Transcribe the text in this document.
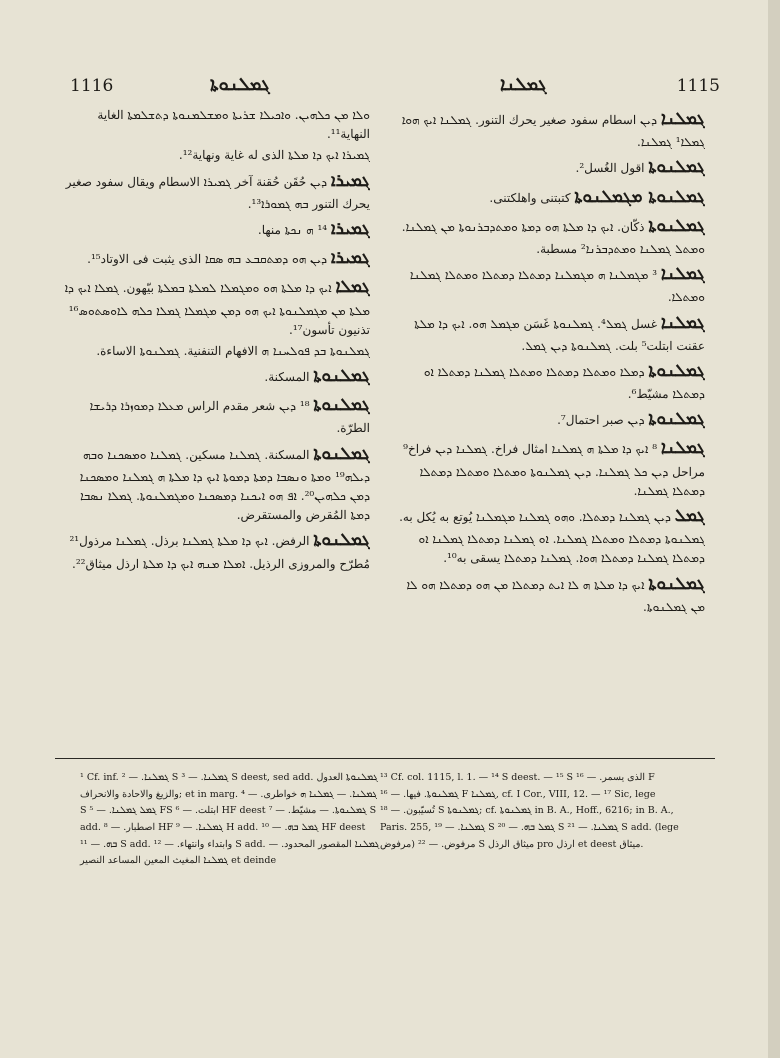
1116	ܓܡܠܢܘܬܐ	ܓܡܠܢܐ	1115

ܘܠܐ ܡܢ ܟܠܗܝܢ. ܘܐܟܝܠܐ ܫܪܝܬܐ ܘܡܫܠܡܢܘܬܐ ܕܬܫܠܡܬܐ الغاية النهاية¹¹.

ܓܡܝܪܐ ܐܝܟ ܕܐ ܡܠܬܐ الذى له غاية ونهاية¹².

ܓܡܝܪܐ ܕܝܢ حُقَن حُقنة آخر ܓܡܝܪܐ الاسطام ويقال سفود صغير يحرك التنور ܒܗ ܓܡܘܪܐ¹³.

ܓܡܝܪܐ ¹⁴ ܗ ܢܟܬܐ منها.

ܓܡܝܪܐ ܕܝܢ ܗܘ ܕܡܬܩܒܥ ܒܗ ܣܩܐ الذى يثبت فى الاوتاد¹⁵.

ܓܡܠܐ ܐܝܟ ܕܐ ܡܠܬܐ ܗܘ ܘܡܓܡܠܐ ܠܡܠܬܐ ܒܡܠܬܐ بيّهون. ܓܡܠܐ ܐܝܟ ܕܐ ܡܠܬܐ ܡܢ ܡܓܡܠܢܘܬܐ ܐܝܟ ܗܘ ܕܡܢ ܡܓܡܠܐ ܓܡܠܐ ܟܠܗ ܠܐܘܣܬܘܣ¹⁶ تذنيون تأسون¹⁷.

ܓܡܠܢܘܬܐ ܒܕ ܦܘܠܚܢܐ ܗ الافهام التنفنية. ܓܡܠܢܘܬܐ الاساءة.

ܓܡܠܢܘܬܐ المسكنة.

ܓܡܠܢܘܬܐ ¹⁸ ܕܝܢ شعر مقدم الراس ܡܥܠܐ ܕܡܘܙܪܐ ܕܪܝܫܐ الطرّة.

ܓܡܠܢܘܬܐ المسكنة. ܓܡܠܢܐ مسكين. ܓܡܠܢܐ ܘܡܣܟܢܐ ܘܒܗ ܕܝܠܗ¹⁹ ܘܡܬܐ ܘܢܣܒܐ ܕܡܬܐ ܕܡܘܬܐ ܐܝܟ ܕܐ ܡܠܬܐ ܗ ܓܡܠܢܐ ܘܡܣܟܢܐ ܕܡܢ ܟܠܗܝܢ²⁰. ܐܦ ܗܘ ܐܝܟܢܐ ܕܡܣܟܢܐ ܘܡܓܡܠܢܘܬܐ. ܓܡܠܐ ܢܣܒܐ ܕܡܬܐ المُقرض والمستقرض.

ܓܡܠܢܘܬܐ الرفض. ܐܝܟ ܕܐ ܡܠܬܐ ܓܡܠܢܐ برذل. ܓܡܠܢܐ مرذول²¹ مُطرّح والمروزى الرذيل. ܐܡܠܐ ܡܢܗ ܐܝܟ ܕܐ ܡܠܬܐ ارذل ميثاق²².

ܓܡܠܢܐ ܕܝܢ اسطام سفود صغير يحرك التنور. ܓܡܠܢܐ ܐܝܟ ܗܘܐ ܓܡܠܐ¹ ܓܡܠܢܐ.

ܓܡܠܢܘܬܐ اقول الغُسل².

ܓܡܠܢܘܬܐ ܡܓܡܠܢܘܬܐ كتبتنى واهلكتنى.

ܓܡܠܢܘܬܐ ذكّان. ܐܝܟ ܕܐ ܡܠܬܐ ܗܘ ܕܡܬܐ ܘܡܬܕܒܪܢܘܬܐ ܡܢ ܓܡܠܢܐ. ܘܡܬܠ ܓܡܠܢܐ ܘܡܬܕܒܪܢܐ² مسطبة.

ܓܡܠܢܐ ³ ܡܓܡܠܢܐ ܗ ܡܓܡܠܢܐ ܕܡܬܠܐ ܕܡܬܠܐ ܘܡܬܠܐ ܓܡܠܢܐ ܘܡܬܠܐ.

ܓܡܠܢܐ غسل ܓܡܠ⁴. ܓܡܠܢܘܬܐ غَسَن ܡܓܡܠ ܗܘ. ܐܝܟ ܕܐ ܡܠܬܐ عقنت ابتلت⁵ بلت. ܓܡܠܢܘܬܐ ܕܝܢ ܓܡܠ.

ܓܡܠܢܘܬܐ ܕܡܠܐ ܘܡܬܠܐ ܕܡܬܠܐ ܘܡܬܠܐ ܓܡܠܢܐ ܕܡܬܠܐ ܐܘ ܕܡܬܠܐ مشيّط⁶.

ܓܡܠܢܘܬܐ ܕܝܢ صبر احتمال⁷.

ܓܡܠܢܐ ⁸ ܐܝܟ ܕܐ ܡܠܬܐ ܗ ܓܡܠܢܐ امثال فراخ. ܓܡܠܢܐ ܕܝܢ فراخ⁹ مراحل ܕܝܢ ܟܠ ܓܡܠܢܐ. ܕܝܢ ܓܡܠܢܘܬܐ ܘܡܬܠܐ ܘܡܬܠܐ ܕܡܬܠܐ ܕܡܬܠܐ ܓܡܠܢܐ.

ܓܡܠ ܕܝܢ ܓܡܠܢܐ ܕܡܬܠܐ. ܘܗܘ ܓܡܠܢܐ ܡܓܡܠܢܐ يُوتع به يُكل به. ܓܡܠܢܘܬܐ ܕܡܬܠܐ ܘܡܬܠܐ ܓܡܠܢܐ. ܐܘ ܓܡܠܢܐ ܕܡܬܠܐ ܓܡܠܢܐ ܐܘ ܕܡܬܠܐ ܓܡܠܢܐ ܕܡܬܠܐ ܗܘܐ. ܓܡܠܢܐ ܕܡܬܠܐ يسقى به¹⁰.

ܓܡܠܢܘܬܐ ܐܝܟ ܕܐ ܡܠܬܐ ܗ ܠܐ ܐܝܬ ܕܡܬܠܐ ܡܢ ܗܘ ܕܡܬܠܐ ܗܘ ܠܐ ܡܢ ܓܡܠܢܘܬܐ.

¹ Cf. inf. ܓܡܠܢܐ. — ² S ܓܡܠܢܐ. — ³ S deest, sed add. ܓܡܠܢܘܬܐ العدول والزيغ والاحادة والانحراف; et in marg. ܓܡܠܢܐ. — ܓܡܠܢܐ ܗ خواطرى. — ⁴ S ܓܡܠ ܓܡܠܢܐ. — ⁵ FS ابتلت. — ⁶ HF deest ܓܡܠܢܘܬܐ. — مشيّط. — ⁷ S add. اصطبار. — ⁸ HF ܓܡܠܢܐ. — ⁹ H add. ܓܡܠ ܒܗ. — ¹⁰ HF deest ܒܗ. — ¹¹ S add. وابتداء وانتهاء. — ¹² S add. ܓܡܠܢܐ المقصور المحدود. — ܓܡܠܢܐ المغيث المعين المساعد النصير et deinde

¹³ Cf. col. 1115, l. 1. — ¹⁴ S deest. — ¹⁵ S الذى يسمر. — ¹⁶ F ܓܡܠܢܘܬܐ. فيها. — ¹⁶ F ܓܡܠܢܐ, cf. I Cor., VIII, 12. — ¹⁷ Sic, lege تُسيّبون. — ¹⁸ S ܓܡܠܢܘܬܐ; cf. ܓܡܠܢܘܬܐ in B. A., Hoff., 6216; in B. A., Paris. 255, ܓܡܠܢܐ. — ¹⁹ S ܓܡܠ ܒܗ. — ²⁰ S ܓܡܠܢܐ. — ²¹ S add. (lege مرفوض) مرفوض. — ²² S ميثاق الرذل pro ارذل et deest ميثاق.
